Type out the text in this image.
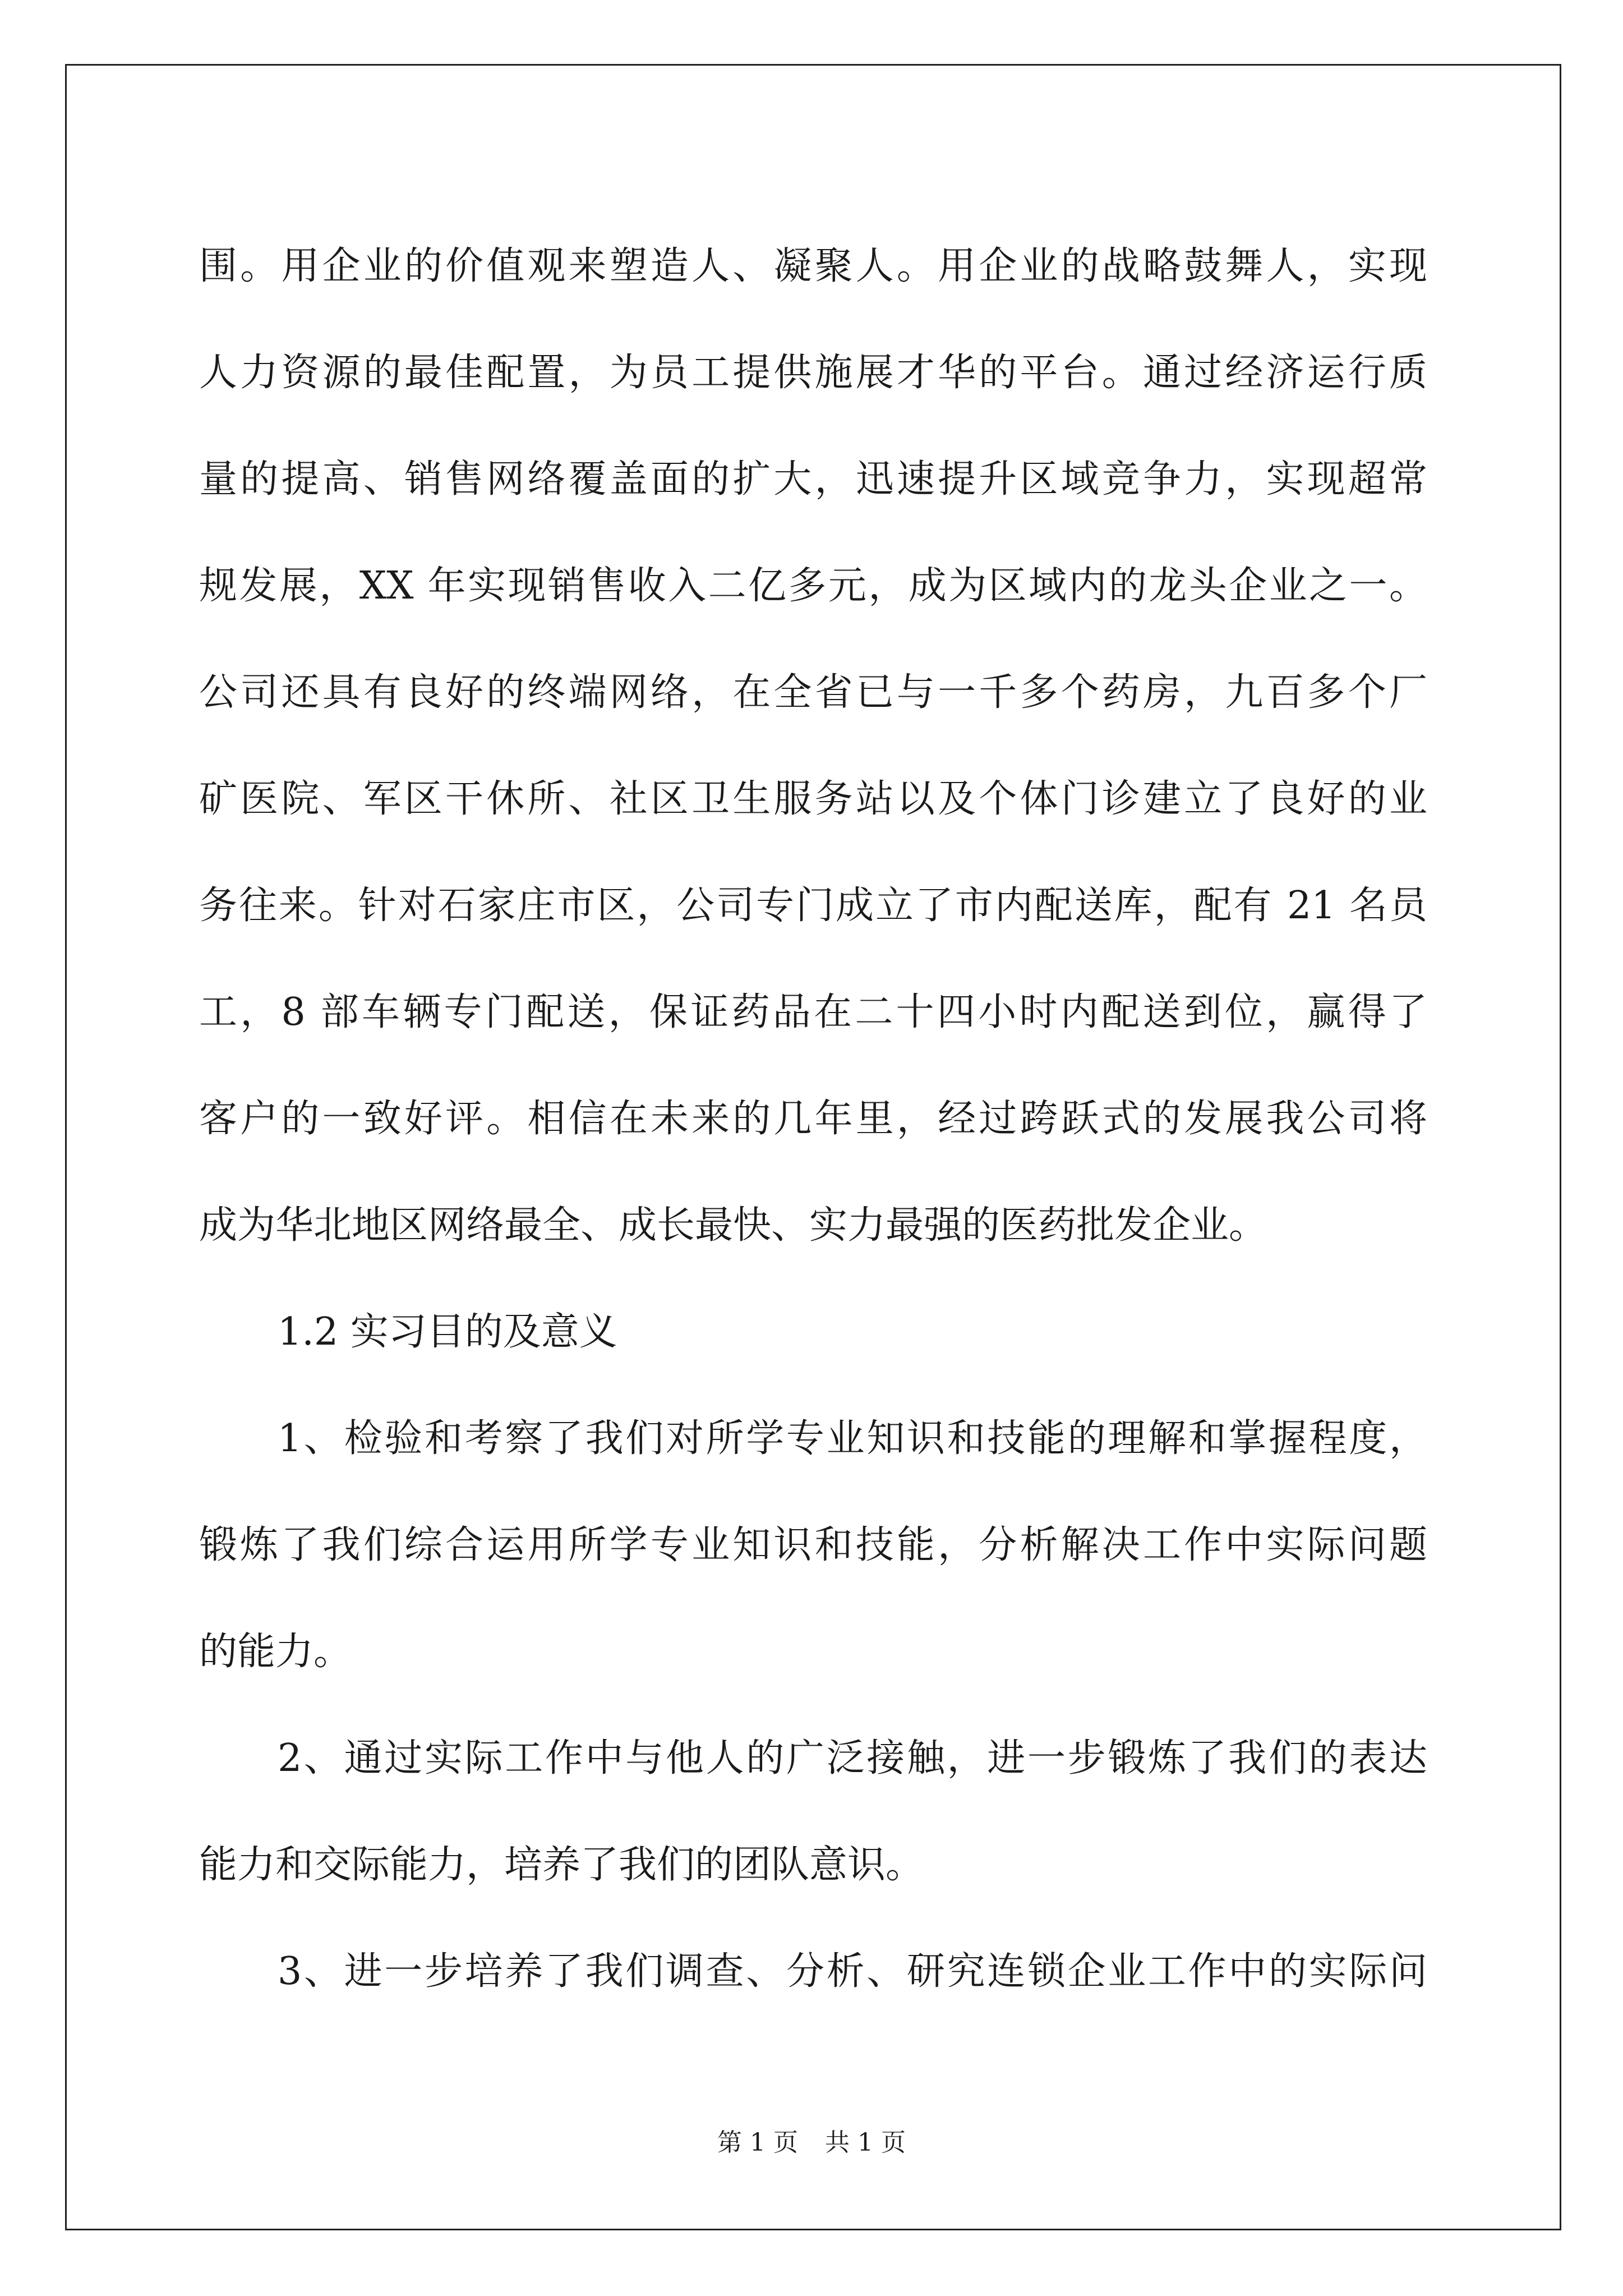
围。用企业的价值观来塑造人、凝聚人。用企业的战略鼓舞人，实现
人力资源的最佳配置，为员工提供施展才华的平台。通过经济运行质
量的提高、销售网络覆盖面的扩大，迅速提升区域竞争力，实现超常
规发展，XX 年实现销售收入二亿多元，成为区域内的龙头企业之一。
公司还具有良好的终端网络，在全省已与一千多个药房，九百多个厂
矿医院、军区干休所、社区卫生服务站以及个体门诊建立了良好的业
务往来。针对石家庄市区，公司专门成立了市内配送库，配有 21 名员
工，8 部车辆专门配送，保证药品在二十四小时内配送到位，赢得了
客户的一致好评。相信在未来的几年里，经过跨跃式的发展我公司将
成为华北地区网络最全、成长最快、实力最强的医药批发企业。
1.2 实习目的及意义
1、检验和考察了我们对所学专业知识和技能的理解和掌握程度，
锻炼了我们综合运用所学专业知识和技能，分析解决工作中实际问题
的能力。
2、通过实际工作中与他人的广泛接触，进一步锻炼了我们的表达
能力和交际能力，培养了我们的团队意识。
3、进一步培养了我们调查、分析、研究连锁企业工作中的实际问
第 1 页 共 1 页
